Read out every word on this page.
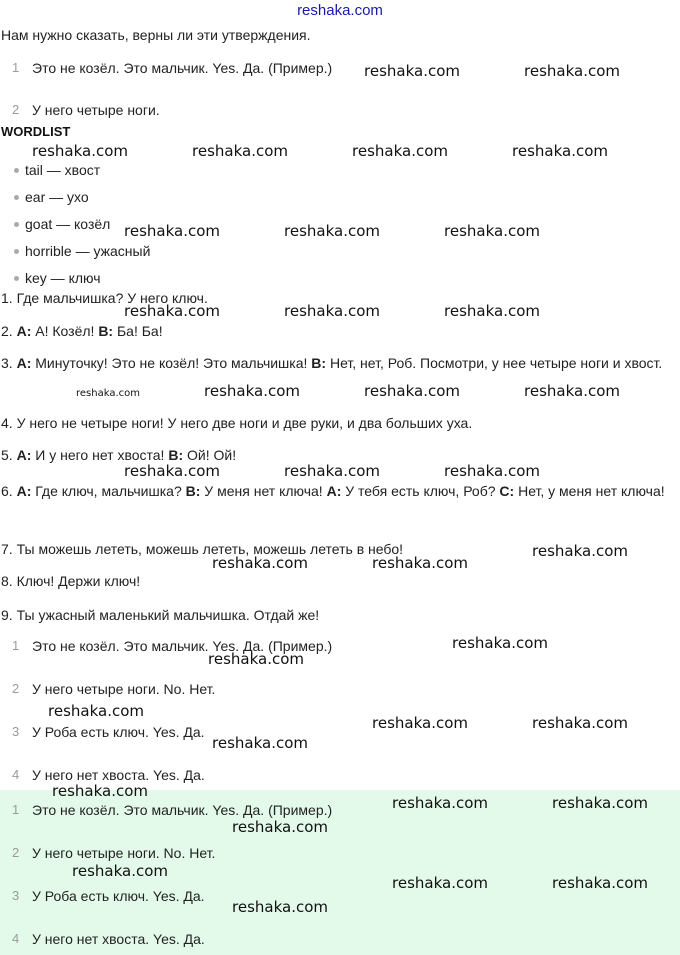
reshaka.com
Нам нужно сказать, верны ли эти утверждения.
1 Это не козёл. Это мальчик. Yes. Да. (Пример.)
2 У него четыре ноги.
WORDLIST
tail — хвост
ear — ухо
goat — козёл
horrible — ужасный
key — ключ
1. Где мальчишка? У него ключ.
2. A: А! Козёл! B: Ба! Ба!
3. A: Минуточку! Это не козёл! Это мальчишка! B: Нет, нет, Роб. Посмотри, у нее четыре ноги и хвост.
4. У него не четыре ноги! У него две ноги и две руки, и два больших уха.
5. A: И у него нет хвоста! B: Ой! Ой!
6. A: Где ключ, мальчишка? B: У меня нет ключа! A: У тебя есть ключ, Роб? C: Нет, у меня нет ключа!
7. Ты можешь лететь, можешь лететь, можешь лететь в небо!
8. Ключ! Держи ключ!
9. Ты ужасный маленький мальчишка. Отдай же!
1 Это не козёл. Это мальчик. Yes. Да. (Пример.)
2 У него четыре ноги. No. Нет.
3 У Роба есть ключ. Yes. Да.
4 У него нет хвоста. Yes. Да.
1 Это не козёл. Это мальчик. Yes. Да. (Пример.)
2 У него четыре ноги. No. Нет.
3 У Роба есть ключ. Yes. Да.
4 У него нет хвоста. Yes. Да.
reshaka.com	reshaka.com
reshaka.com	reshaka.com	reshaka.com	reshaka.com
reshaka.com	reshaka.com	reshaka.com
reshaka.com	reshaka.com	reshaka.com
reshaka.com	reshaka.com	reshaka.com	reshaka.com
reshaka.com	reshaka.com	reshaka.com
reshaka.com
reshaka.com	reshaka.com
reshaka.com
reshaka.com
reshaka.com
reshaka.com	reshaka.com
reshaka.com
reshaka.com
reshaka.com	reshaka.com
reshaka.com
reshaka.com
reshaka.com	reshaka.com
reshaka.com
